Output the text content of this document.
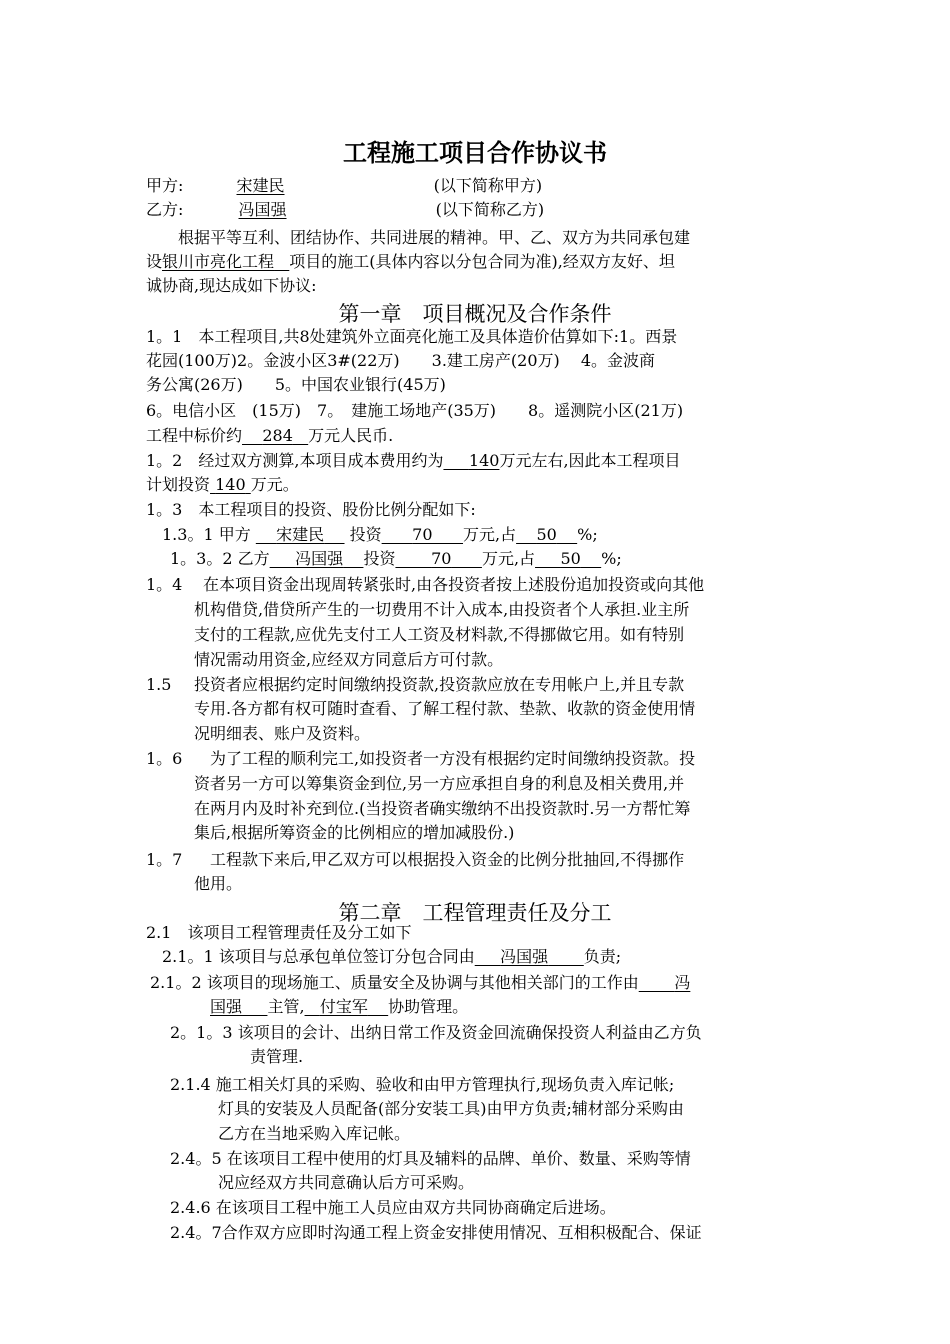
工程施工项目合作协议书
甲方:	宋建民	(以下简称甲方)
乙方:	冯国强	(以下简称乙方)
根据平等互利、团结协作、共同进展的精神。甲、乙、双方为共同承包建
设银川市亮化工程 项目的施工(具体内容以分包合同为准),经双方友好、坦
诚协商,现达成如下协议:
第一章　项目概况及合作条件
1。1　本工程项目,共8处建筑外立面亮化施工及具体造价估算如下:1。西景
花园(100万)2。金波小区3#(22万)　　3.建工房产(20万)　 4。金波商
务公寓(26万)　　5。中国农业银行(45万)
6。电信小区　(15万)　7。　建施工场地产(35万)　　8。遥测院小区(21万)
工程中标价约 284 万元人民币.
1。2　经过双方测算,本项目成本费用约为 140万元左右,因此本工程项目
计划投资 140 万元。
1。3　本工程项目的投资、股份比例分配如下:
1.3。1 甲方 宋建民 投资 70 万元,占 50 %;
1。3。2 乙方 冯国强 投资 70 万元,占 50 %;
1。4 在本项目资金出现周转紧张时,由各投资者按上述股份追加投资或向其他
机构借贷,借贷所产生的一切费用不计入成本,由投资者个人承担.业主所
支付的工程款,应优先支付工人工资及材料款,不得挪做它用。如有特别
情况需动用资金,应经双方同意后方可付款。
1.5 投资者应根据约定时间缴纳投资款,投资款应放在专用帐户上,并且专款
专用.各方都有权可随时查看、了解工程付款、垫款、收款的资金使用情
况明细表、账户及资料。
1。6 为了工程的顺利完工,如投资者一方没有根据约定时间缴纳投资款。投
资者另一方可以筹集资金到位,另一方应承担自身的利息及相关费用,并
在两月内及时补充到位.(当投资者确实缴纳不出投资款时.另一方帮忙筹
集后,根据所筹资金的比例相应的增加减股份.)
1。7 工程款下来后,甲乙双方可以根据投入资金的比例分批抽回,不得挪作
他用。
第二章　工程管理责任及分工
2.1　该项目工程管理责任及分工如下
2.1。1 该项目与总承包单位签订分包合同由 冯国强 负责;
2.1。2 该项目的现场施工、质量安全及协调与其他相关部门的工作由 冯
国强 主管, 付宝军 协助管理。
2。1。3 该项目的会计、出纳日常工作及资金回流确保投资人利益由乙方负
责管理.
2.1.4 施工相关灯具的采购、验收和由甲方管理执行,现场负责入库记帐;
灯具的安装及人员配备(部分安装工具)由甲方负责;辅材部分采购由
乙方在当地采购入库记帐。
2.4。5 在该项目工程中使用的灯具及辅料的品牌、单价、数量、采购等情
况应经双方共同意确认后方可采购。
2.4.6 在该项目工程中施工人员应由双方共同协商确定后进场。
2.4。7合作双方应即时沟通工程上资金安排使用情况、互相积极配合、保证
